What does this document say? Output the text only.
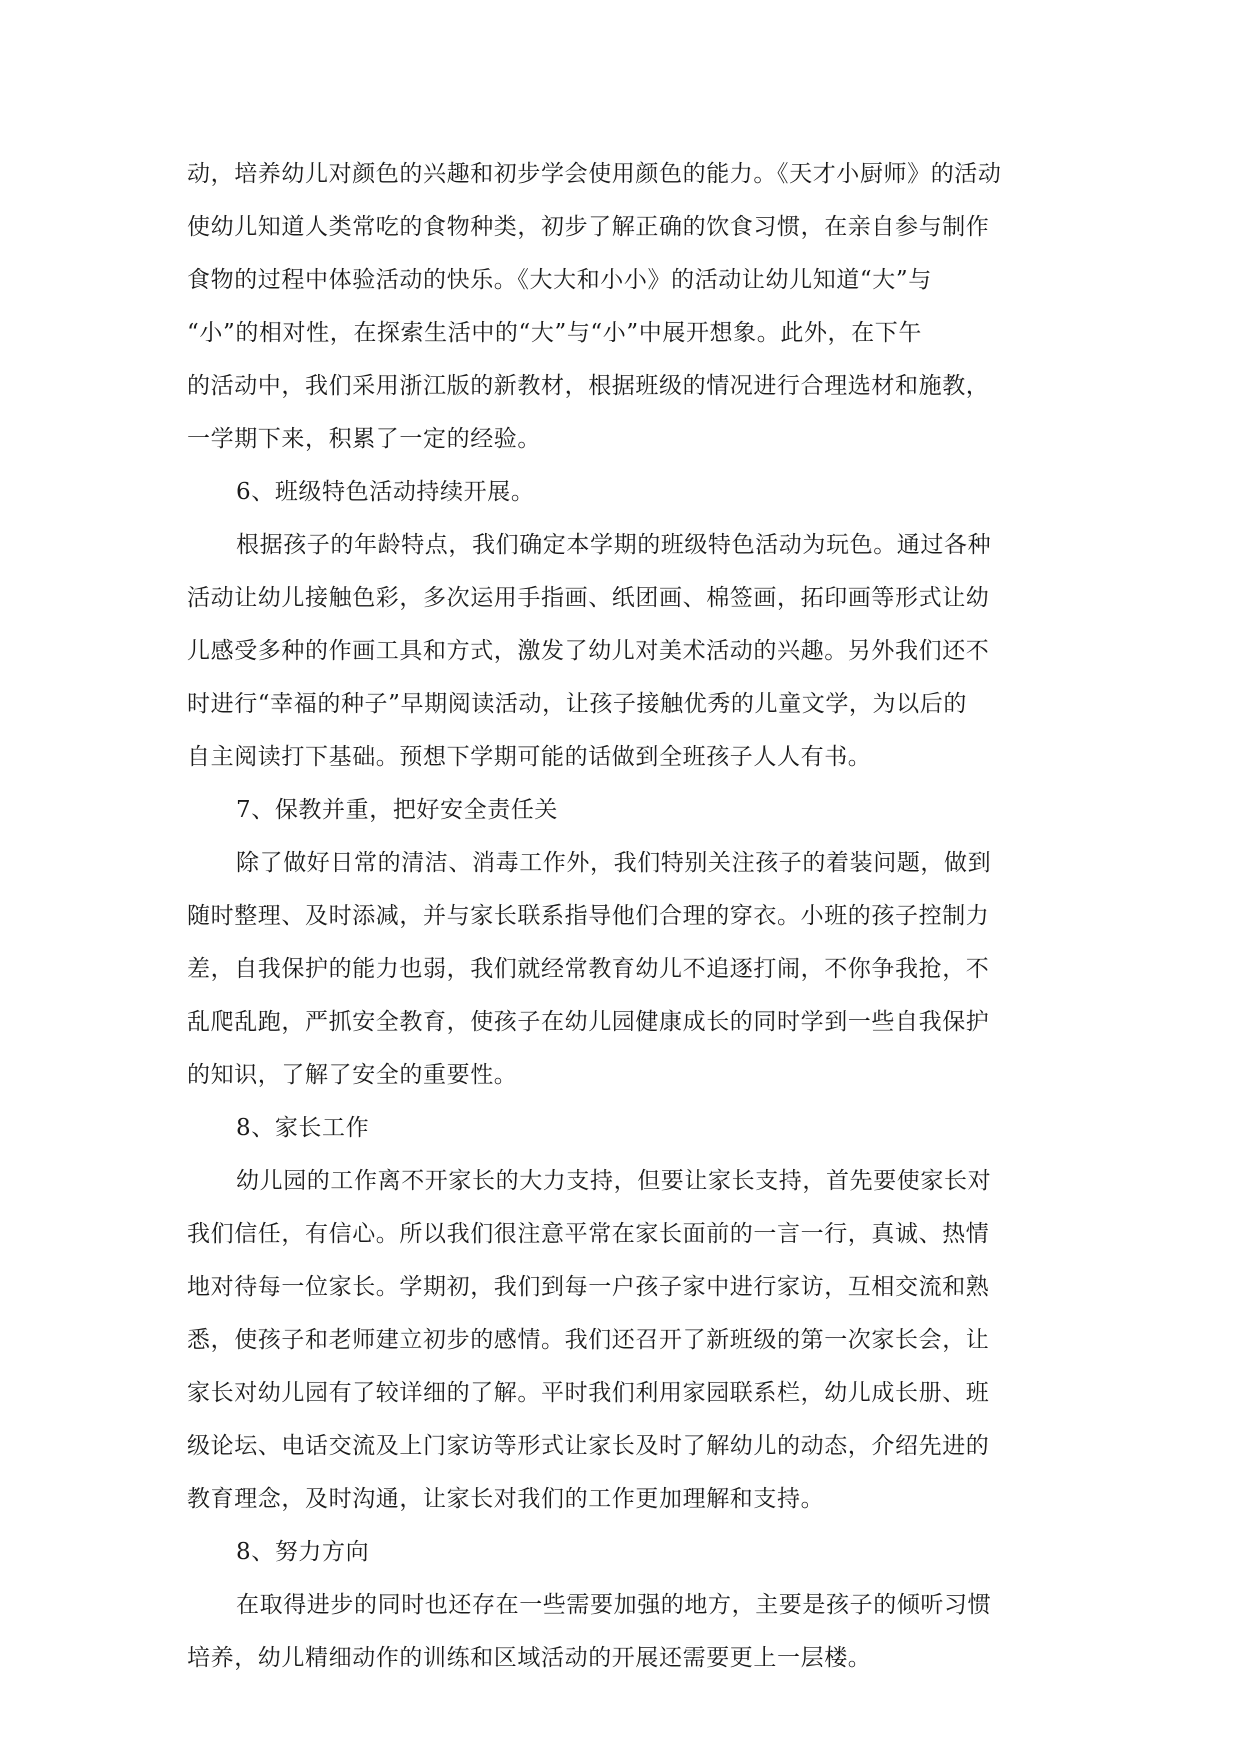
动，培养幼儿对颜色的兴趣和初步学会使用颜色的能力。《天才小厨师》的活动
使幼儿知道人类常吃的食物种类，初步了解正确的饮食习惯，在亲自参与制作
食物的过程中体验活动的快乐。《大大和小小》的活动让幼儿知道“大”与
“小”的相对性，在探索生活中的“大”与“小”中展开想象。此外，在下午
的活动中，我们采用浙江版的新教材，根据班级的情况进行合理选材和施教，
一学期下来，积累了一定的经验。
6、班级特色活动持续开展。
根据孩子的年龄特点，我们确定本学期的班级特色活动为玩色。通过各种
活动让幼儿接触色彩，多次运用手指画、纸团画、棉签画，拓印画等形式让幼
儿感受多种的作画工具和方式，激发了幼儿对美术活动的兴趣。另外我们还不
时进行“幸福的种子”早期阅读活动，让孩子接触优秀的儿童文学，为以后的
自主阅读打下基础。预想下学期可能的话做到全班孩子人人有书。
7、保教并重，把好安全责任关
除了做好日常的清洁、消毒工作外，我们特别关注孩子的着装问题，做到
随时整理、及时添减，并与家长联系指导他们合理的穿衣。小班的孩子控制力
差，自我保护的能力也弱，我们就经常教育幼儿不追逐打闹，不你争我抢，不
乱爬乱跑，严抓安全教育，使孩子在幼儿园健康成长的同时学到一些自我保护
的知识，了解了安全的重要性。
8、家长工作
幼儿园的工作离不开家长的大力支持，但要让家长支持，首先要使家长对
我们信任，有信心。所以我们很注意平常在家长面前的一言一行，真诚、热情
地对待每一位家长。学期初，我们到每一户孩子家中进行家访，互相交流和熟
悉，使孩子和老师建立初步的感情。我们还召开了新班级的第一次家长会，让
家长对幼儿园有了较详细的了解。平时我们利用家园联系栏，幼儿成长册、班
级论坛、电话交流及上门家访等形式让家长及时了解幼儿的动态，介绍先进的
教育理念，及时沟通，让家长对我们的工作更加理解和支持。
8、努力方向
在取得进步的同时也还存在一些需要加强的地方，主要是孩子的倾听习惯
培养，幼儿精细动作的训练和区域活动的开展还需要更上一层楼。
